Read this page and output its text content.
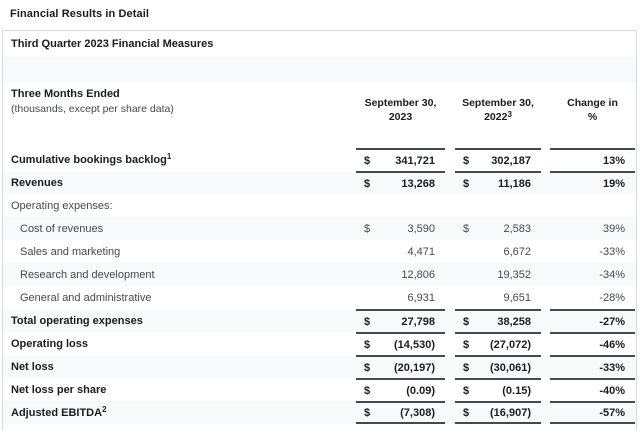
Financial Results in Detail
Third Quarter 2023 Financial Measures
Three Months Ended
(thousands, except per share data)	September 30,
2023
September 30,
2022$^3$
Change in
%
Cumulative bookings backlog 1	$ 341,721	$ 302,187	13%
Revenues	$	13,268	$	11,186	19%
Operating expenses:
Cost of revenues	$	3,590	$	2,583	39%
Sales and marketing	4,471	6,672	-33%
Research and development	12,806	19,352	-34%
General and administrative	6,931	9,651	-28%
Total operating expenses	$	27,798	$	38,258	-27%
Operating loss	$ (14,530)	$ (27,072)	-46%
Net loss	$ (20,197)	$ (30,061)	-33%
Net loss per share	$	(0.09)	$	(0.15)	-40%
Adjusted EBITDA 2	$	(7,308)	$ (16,907)	-57%
